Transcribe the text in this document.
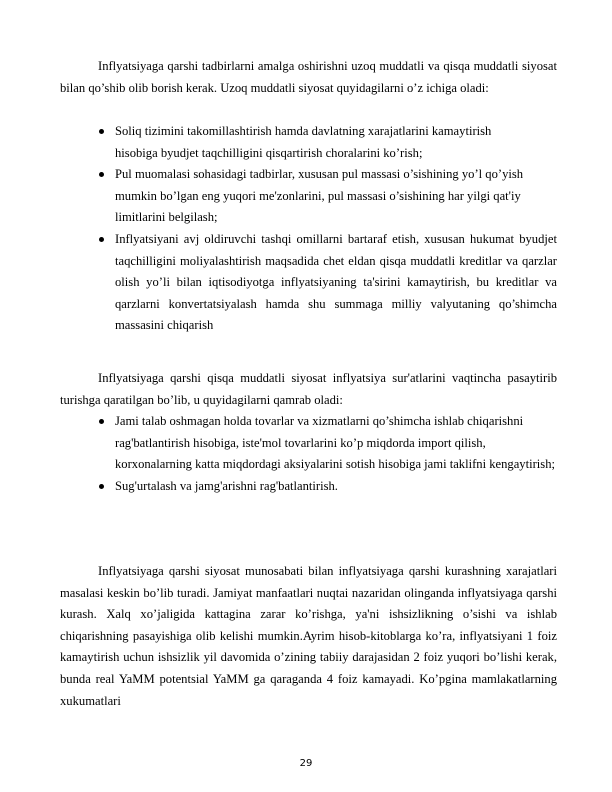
Inflyatsiyaga qarshi tadbirlarni amalga oshirishni uzoq muddatli va qisqa muddatli siyosat bilan qo’shib olib borish kerak. Uzoq muddatli siyosat quyidagilarni o’z ichiga oladi:

Soliq tizimini takomillashtirish hamda davlatning xarajatlarini kamaytirish hisobiga byudjet taqchilligini qisqartirish choralarini ko’rish;
Pul muomalasi sohasidagi tadbirlar, xususan pul massasi o’sishining yo’l qo’yish mumkin bo’lgan eng yuqori me'zonlarini, pul massasi o’sishining har yilgi qat'iy limitlarini belgilash;
Inflyatsiyani avj oldiruvchi tashqi omillarni bartaraf etish, xususan hukumat byudjet taqchilligini moliyalashtirish maqsadida chet eldan qisqa muddatli kreditlar va qarzlar olish yo’li bilan iqtisodiyotga inflyatsiyaning ta'sirini kamaytirish, bu kreditlar va qarzlarni konvertatsiyalash hamda shu summaga milliy valyutaning qo’shimcha massasini chiqarish

Inflyatsiyaga qarshi qisqa muddatli siyosat inflyatsiya sur'atlarini vaqtincha pasaytirib turishga qaratilgan bo’lib, u quyidagilarni qamrab oladi:

Jami talab oshmagan holda tovarlar va xizmatlarni qo’shimcha ishlab chiqarishni rag'batlantirish hisobiga, iste'mol tovarlarini ko’p miqdorda import qilish, korxonalarning katta miqdordagi aksiyalarini sotish hisobiga jami taklifni kengaytirish;
Sug'urtalash va jamg'arishni rag'batlantirish.

Inflyatsiyaga qarshi siyosat munosabati bilan inflyatsiyaga qarshi kurashning xarajatlari masalasi keskin bo’lib turadi. Jamiyat manfaatlari nuqtai nazaridan olinganda inflyatsiyaga qarshi kurash. Xalq xo’jaligida kattagina zarar ko’rishga, ya'ni ishsizlikning o’sishi va ishlab chiqarishning pasayishiga olib kelishi mumkin.Ayrim hisob-kitoblarga ko’ra, inflyatsiyani 1 foiz kamaytirish uchun ishsizlik yil davomida o’zining tabiiy darajasidan 2 foiz yuqori bo’lishi kerak, bunda real YaMM potentsial YaMM ga qaraganda 4 foiz kamayadi. Ko’pgina mamlakatlarning xukumatlari

29
